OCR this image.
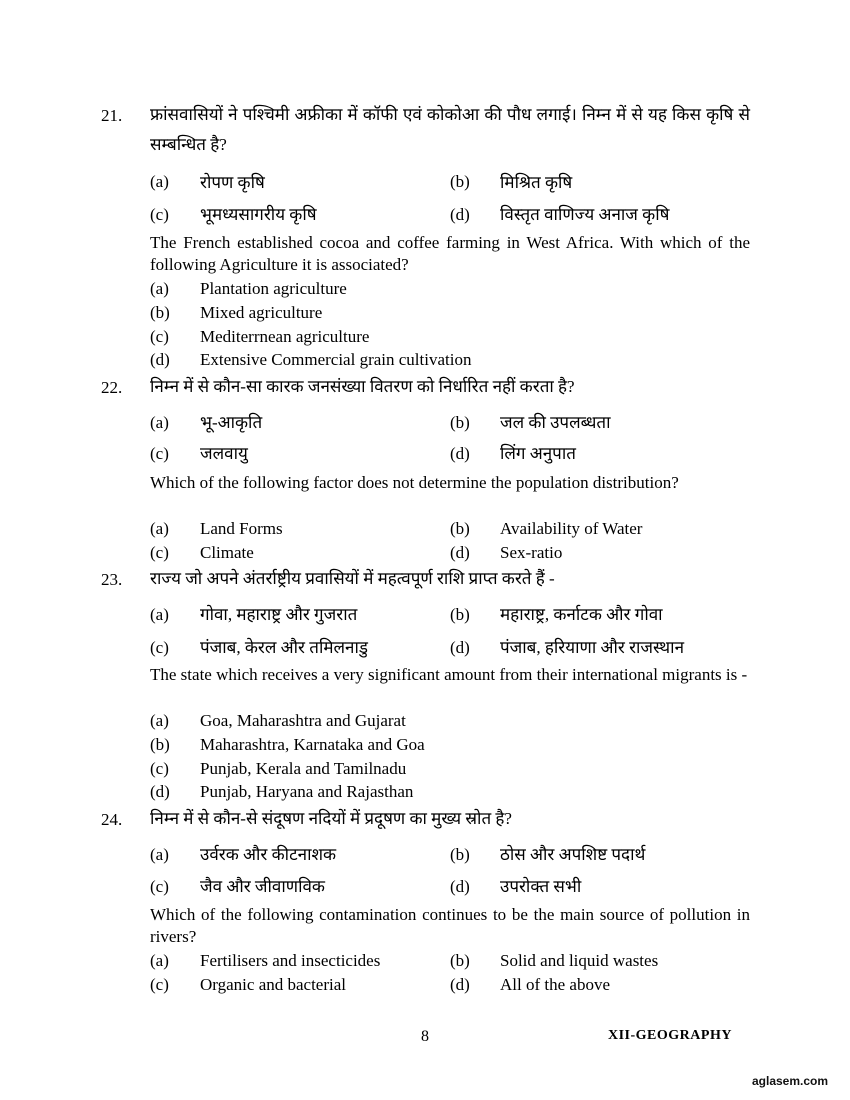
21. फ्रांसवासियों ने पश्चिमी अफ्रीका में कॉफी एवं कोकोआ की पौध लगाई। निम्न में से यह किस कृषि से सम्बन्धित है?
(a) रोपण कृषि	(b) मिश्रित कृषि
(c) भूमध्यसागरीय कृषि	(d) विस्तृत वाणिज्य अनाज कृषि
The French established cocoa and coffee farming in West Africa. With which of the following Agriculture it is associated?
(a) Plantation agriculture
(b) Mixed agriculture
(c) Mediterrnean agriculture
(d) Extensive Commercial grain cultivation
22. निम्न में से कौन-सा कारक जनसंख्या वितरण को निर्धारित नहीं करता है?
(a) भू-आकृति	(b) जल की उपलब्धता
(c) जलवायु	(d) लिंग अनुपात
Which of the following factor does not determine the population distribution?
(a) Land Forms	(b) Availability of Water
(c) Climate	(d) Sex-ratio
23. राज्य जो अपने अंतर्राष्ट्रीय प्रवासियों में महत्वपूर्ण राशि प्राप्त करते हैं -
(a) गोवा, महाराष्ट्र और गुजरात	(b) महाराष्ट्र, कर्नाटक और गोवा
(c) पंजाब, केरल और तमिलनाडु	(d) पंजाब, हरियाणा और राजस्थान
The state which receives a very significant amount from their international migrants is -
(a) Goa, Maharashtra and Gujarat
(b) Maharashtra, Karnataka and Goa
(c) Punjab, Kerala and Tamilnadu
(d) Punjab, Haryana and Rajasthan
24. निम्न में से कौन-से संदूषण नदियों में प्रदूषण का मुख्य स्रोत है?
(a) उर्वरक और कीटनाशक	(b) ठोस और अपशिष्ट पदार्थ
(c) जैव और जीवाणविक	(d) उपरोक्त सभी
Which of the following contamination continues to be the main source of pollution in rivers?
(a) Fertilisers and insecticides	(b) Solid and liquid wastes
(c) Organic and bacterial	(d) All of the above
8	XII-GEOGRAPHY
aglasem.com
